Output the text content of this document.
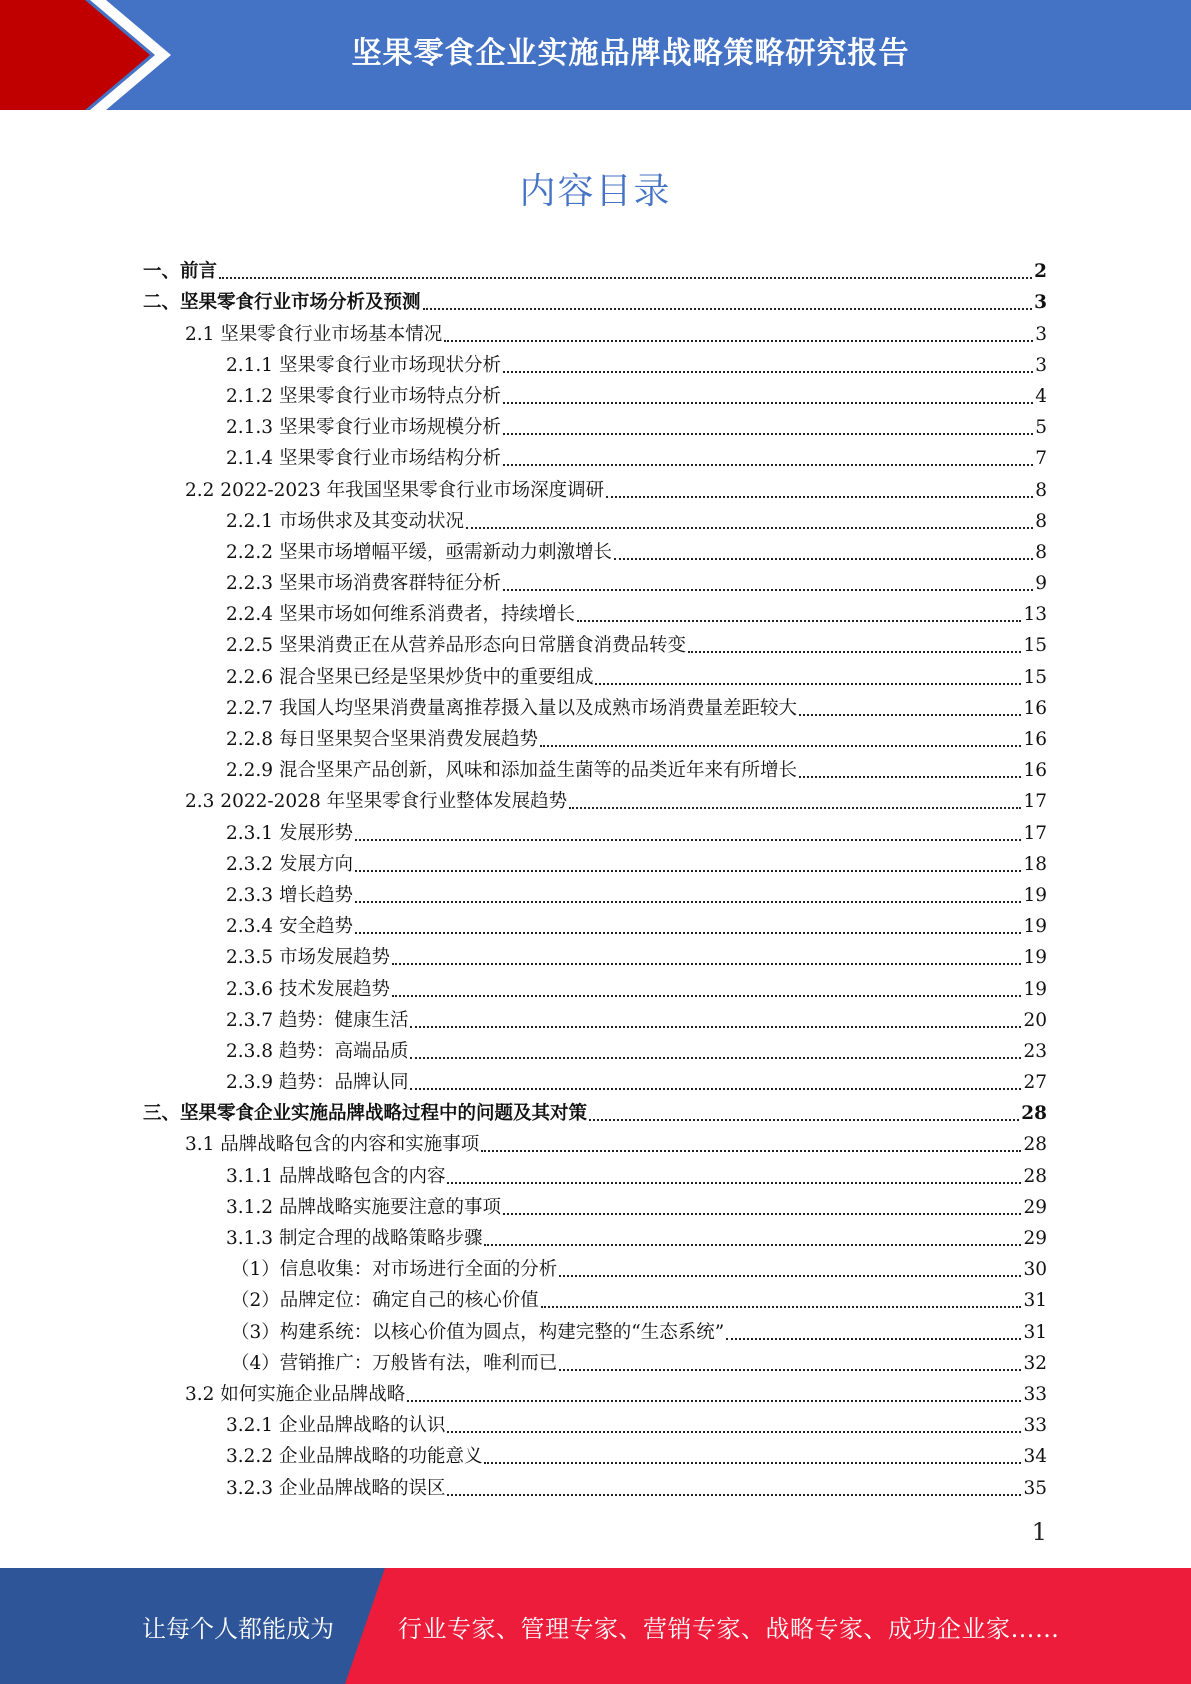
坚果零食企业实施品牌战略策略研究报告
内容目录
一、前言	2
二、坚果零食行业市场分析及预测	3
2.1 坚果零食行业市场基本情况	3
2.1.1 坚果零食行业市场现状分析	3
2.1.2 坚果零食行业市场特点分析	4
2.1.3 坚果零食行业市场规模分析	5
2.1.4 坚果零食行业市场结构分析	7
2.2 2022-2023 年我国坚果零食行业市场深度调研	8
2.2.1 市场供求及其变动状况	8
2.2.2 坚果市场增幅平缓，亟需新动力刺激增长	8
2.2.3 坚果市场消费客群特征分析	9
2.2.4 坚果市场如何维系消费者，持续增长	13
2.2.5 坚果消费正在从营养品形态向日常膳食消费品转变	15
2.2.6 混合坚果已经是坚果炒货中的重要组成	15
2.2.7 我国人均坚果消费量离推荐摄入量以及成熟市场消费量差距较大	16
2.2.8 每日坚果契合坚果消费发展趋势	16
2.2.9 混合坚果产品创新，风味和添加益生菌等的品类近年来有所增长	16
2.3 2022-2028 年坚果零食行业整体发展趋势	17
2.3.1 发展形势	17
2.3.2 发展方向	18
2.3.3 增长趋势	19
2.3.4 安全趋势	19
2.3.5 市场发展趋势	19
2.3.6 技术发展趋势	19
2.3.7 趋势：健康生活	20
2.3.8 趋势：高端品质	23
2.3.9 趋势：品牌认同	27
三、坚果零食企业实施品牌战略过程中的问题及其对策	28
3.1 品牌战略包含的内容和实施事项	28
3.1.1 品牌战略包含的内容	28
3.1.2 品牌战略实施要注意的事项	29
3.1.3 制定合理的战略策略步骤	29
（1）信息收集：对市场进行全面的分析	30
（2）品牌定位：确定自己的核心价值	31
（3）构建系统：以核心价值为圆点，构建完整的“生态系统”	31
（4）营销推广：万般皆有法，唯利而已	32
3.2 如何实施企业品牌战略	33
3.2.1 企业品牌战略的认识	33
3.2.2 企业品牌战略的功能意义	34
3.2.3 企业品牌战略的误区	35
1
让每个人都能成为	行业专家、管理专家、营销专家、战略专家、成功企业家……
